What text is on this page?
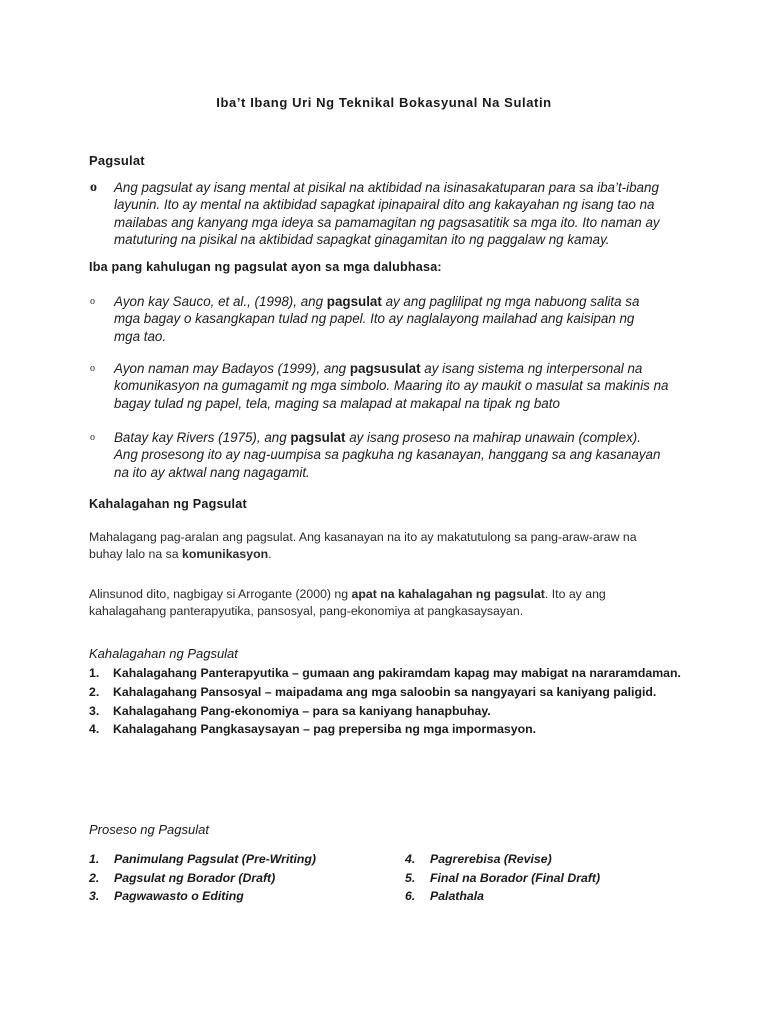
Iba’t Ibang Uri Ng Teknikal Bokasyunal Na Sulatin
Pagsulat
o Ang pagsulat ay isang mental at pisikal na aktibidad na isinasakatuparan para sa iba’t-ibang layunin. Ito ay mental na aktibidad sapagkat ipinapairal dito ang kakayahan ng isang tao na mailabas ang kanyang mga ideya sa pamamagitan ng pagsasatitik sa mga ito. Ito naman ay matuturing na pisikal na aktibidad sapagkat ginagamitan ito ng paggalaw ng kamay.
Iba pang kahulugan ng pagsulat ayon sa mga dalubhasa:
o Ayon kay Sauco, et al., (1998), ang pagsulat ay ang paglilipat ng mga nabuong salita sa mga bagay o kasangkapan tulad ng papel. Ito ay naglalayong mailahad ang kaisipan ng mga tao.
o Ayon naman may Badayos (1999), ang pagsusulat ay isang sistema ng interpersonal na komunikasyon na gumagamit ng mga simbolo. Maaring ito ay maukit o masulat sa makinis na bagay tulad ng papel, tela, maging sa malapad at makapal na tipak ng bato
o Batay kay Rivers (1975), ang pagsulat ay isang proseso na mahirap unawain (complex). Ang prosesong ito ay nag-uumpisa sa pagkuha ng kasanayan, hanggang sa ang kasanayan na ito ay aktwal nang nagagamit.
Kahalagahan ng Pagsulat
Mahalagang pag-aralan ang pagsulat. Ang kasanayan na ito ay makatutulong sa pang-araw-araw na buhay lalo na sa komunikasyon.
Alinsunod dito, nagbigay si Arrogante (2000) ng apat na kahalagahan ng pagsulat. Ito ay ang kahalagahang panterapyutika, pansosyal, pang-ekonomiya at pangkasaysayan.
Kahalagahan ng Pagsulat
1. Kahalagahang Panterapyutika – gumaan ang pakiramdam kapag may mabigat na nararamdaman.
2. Kahalagahang Pansosyal – maipadama ang mga saloobin sa nangyayari sa kaniyang paligid.
3. Kahalagahang Pang-ekonomiya – para sa kaniyang hanapbuhay.
4. Kahalagahang Pangkasaysayan – pag prepersiba ng mga impormasyon.
Proseso ng Pagsulat
1. Panimulang Pagsulat (Pre-Writing)
2. Pagsulat ng Borador (Draft)
3. Pagwawasto o Editing
4. Pagrerebisa (Revise)
5. Final na Borador (Final Draft)
6. Palathala
